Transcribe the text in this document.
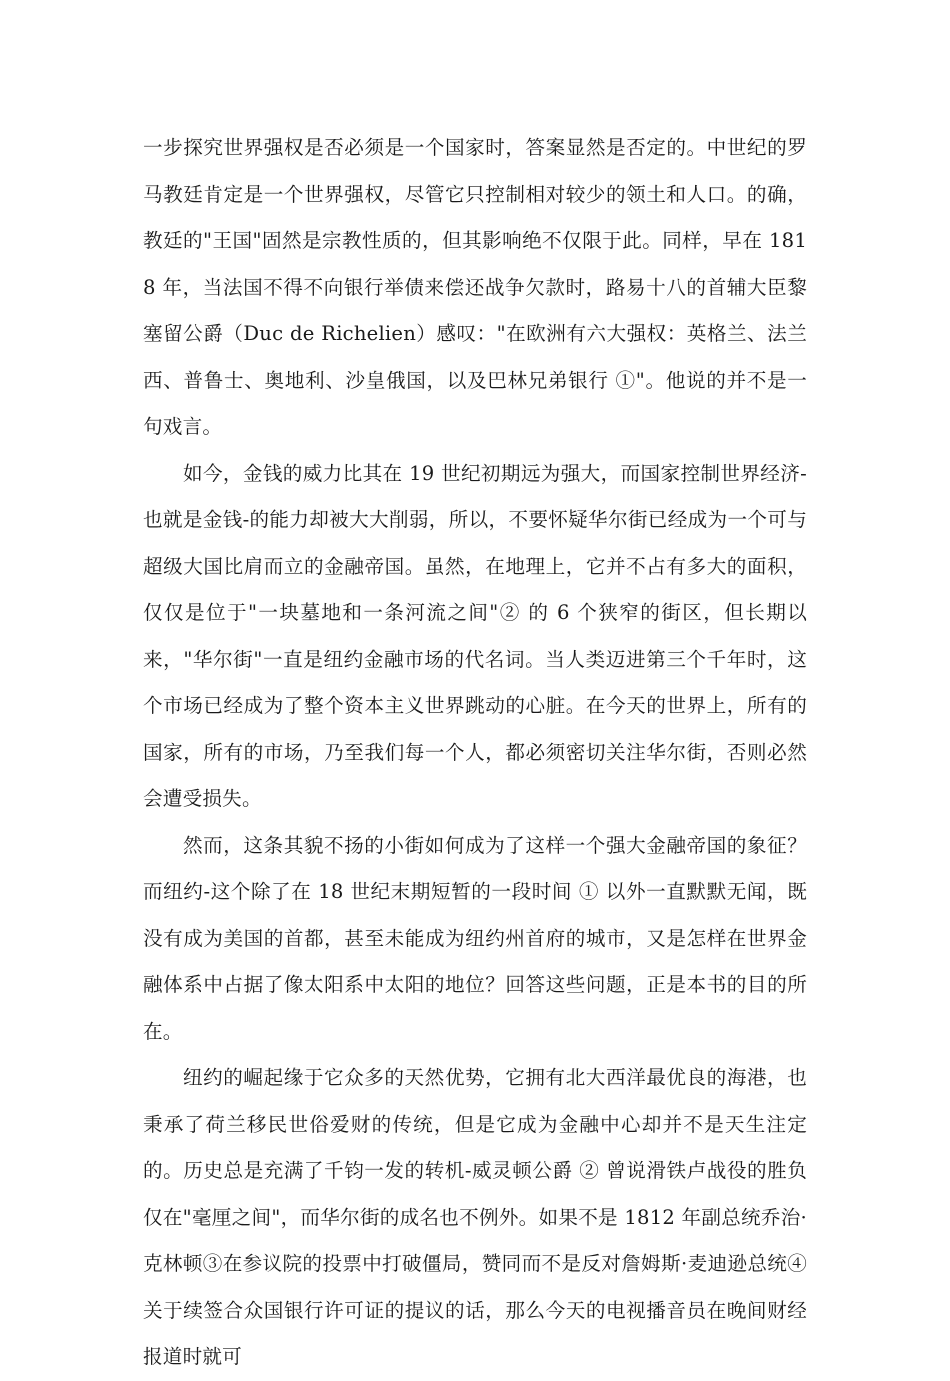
一步探究世界强权是否必须是一个国家时，答案显然是否定的。中世纪的罗马教廷肯定是一个世界强权，尽管它只控制相对较少的领土和人口。的确，教廷的"王国"固然是宗教性质的，但其影响绝不仅限于此。同样，早在 1818 年，当法国不得不向银行举债来偿还战争欠款时，路易十八的首辅大臣黎塞留公爵（Duc de Richelien）感叹："在欧洲有六大强权：英格兰、法兰西、普鲁士、奥地利、沙皇俄国，以及巴林兄弟银行 ①"。他说的并不是一句戏言。

如今，金钱的威力比其在 19 世纪初期远为强大，而国家控制世界经济-也就是金钱-的能力却被大大削弱，所以，不要怀疑华尔街已经成为一个可与超级大国比肩而立的金融帝国。虽然，在地理上，它并不占有多大的面积，仅仅是位于"一块墓地和一条河流之间"② 的 6 个狭窄的街区，但长期以来，"华尔街"一直是纽约金融市场的代名词。当人类迈进第三个千年时，这个市场已经成为了整个资本主义世界跳动的心脏。在今天的世界上，所有的国家，所有的市场，乃至我们每一个人，都必须密切关注华尔街，否则必然会遭受损失。

然而，这条其貌不扬的小街如何成为了这样一个强大金融帝国的象征？而纽约-这个除了在 18 世纪末期短暂的一段时间 ① 以外一直默默无闻，既没有成为美国的首都，甚至未能成为纽约州首府的城市，又是怎样在世界金融体系中占据了像太阳系中太阳的地位？回答这些问题，正是本书的目的所在。

纽约的崛起缘于它众多的天然优势，它拥有北大西洋最优良的海港，也秉承了荷兰移民世俗爱财的传统，但是它成为金融中心却并不是天生注定的。历史总是充满了千钧一发的转机-威灵顿公爵 ② 曾说滑铁卢战役的胜负仅在"毫厘之间"，而华尔街的成名也不例外。如果不是 1812 年副总统乔治·克林顿③在参议院的投票中打破僵局，赞同而不是反对詹姆斯·麦迪逊总统④ 关于续签合众国银行许可证的提议的话，那么今天的电视播音员在晚间财经报道时就可
